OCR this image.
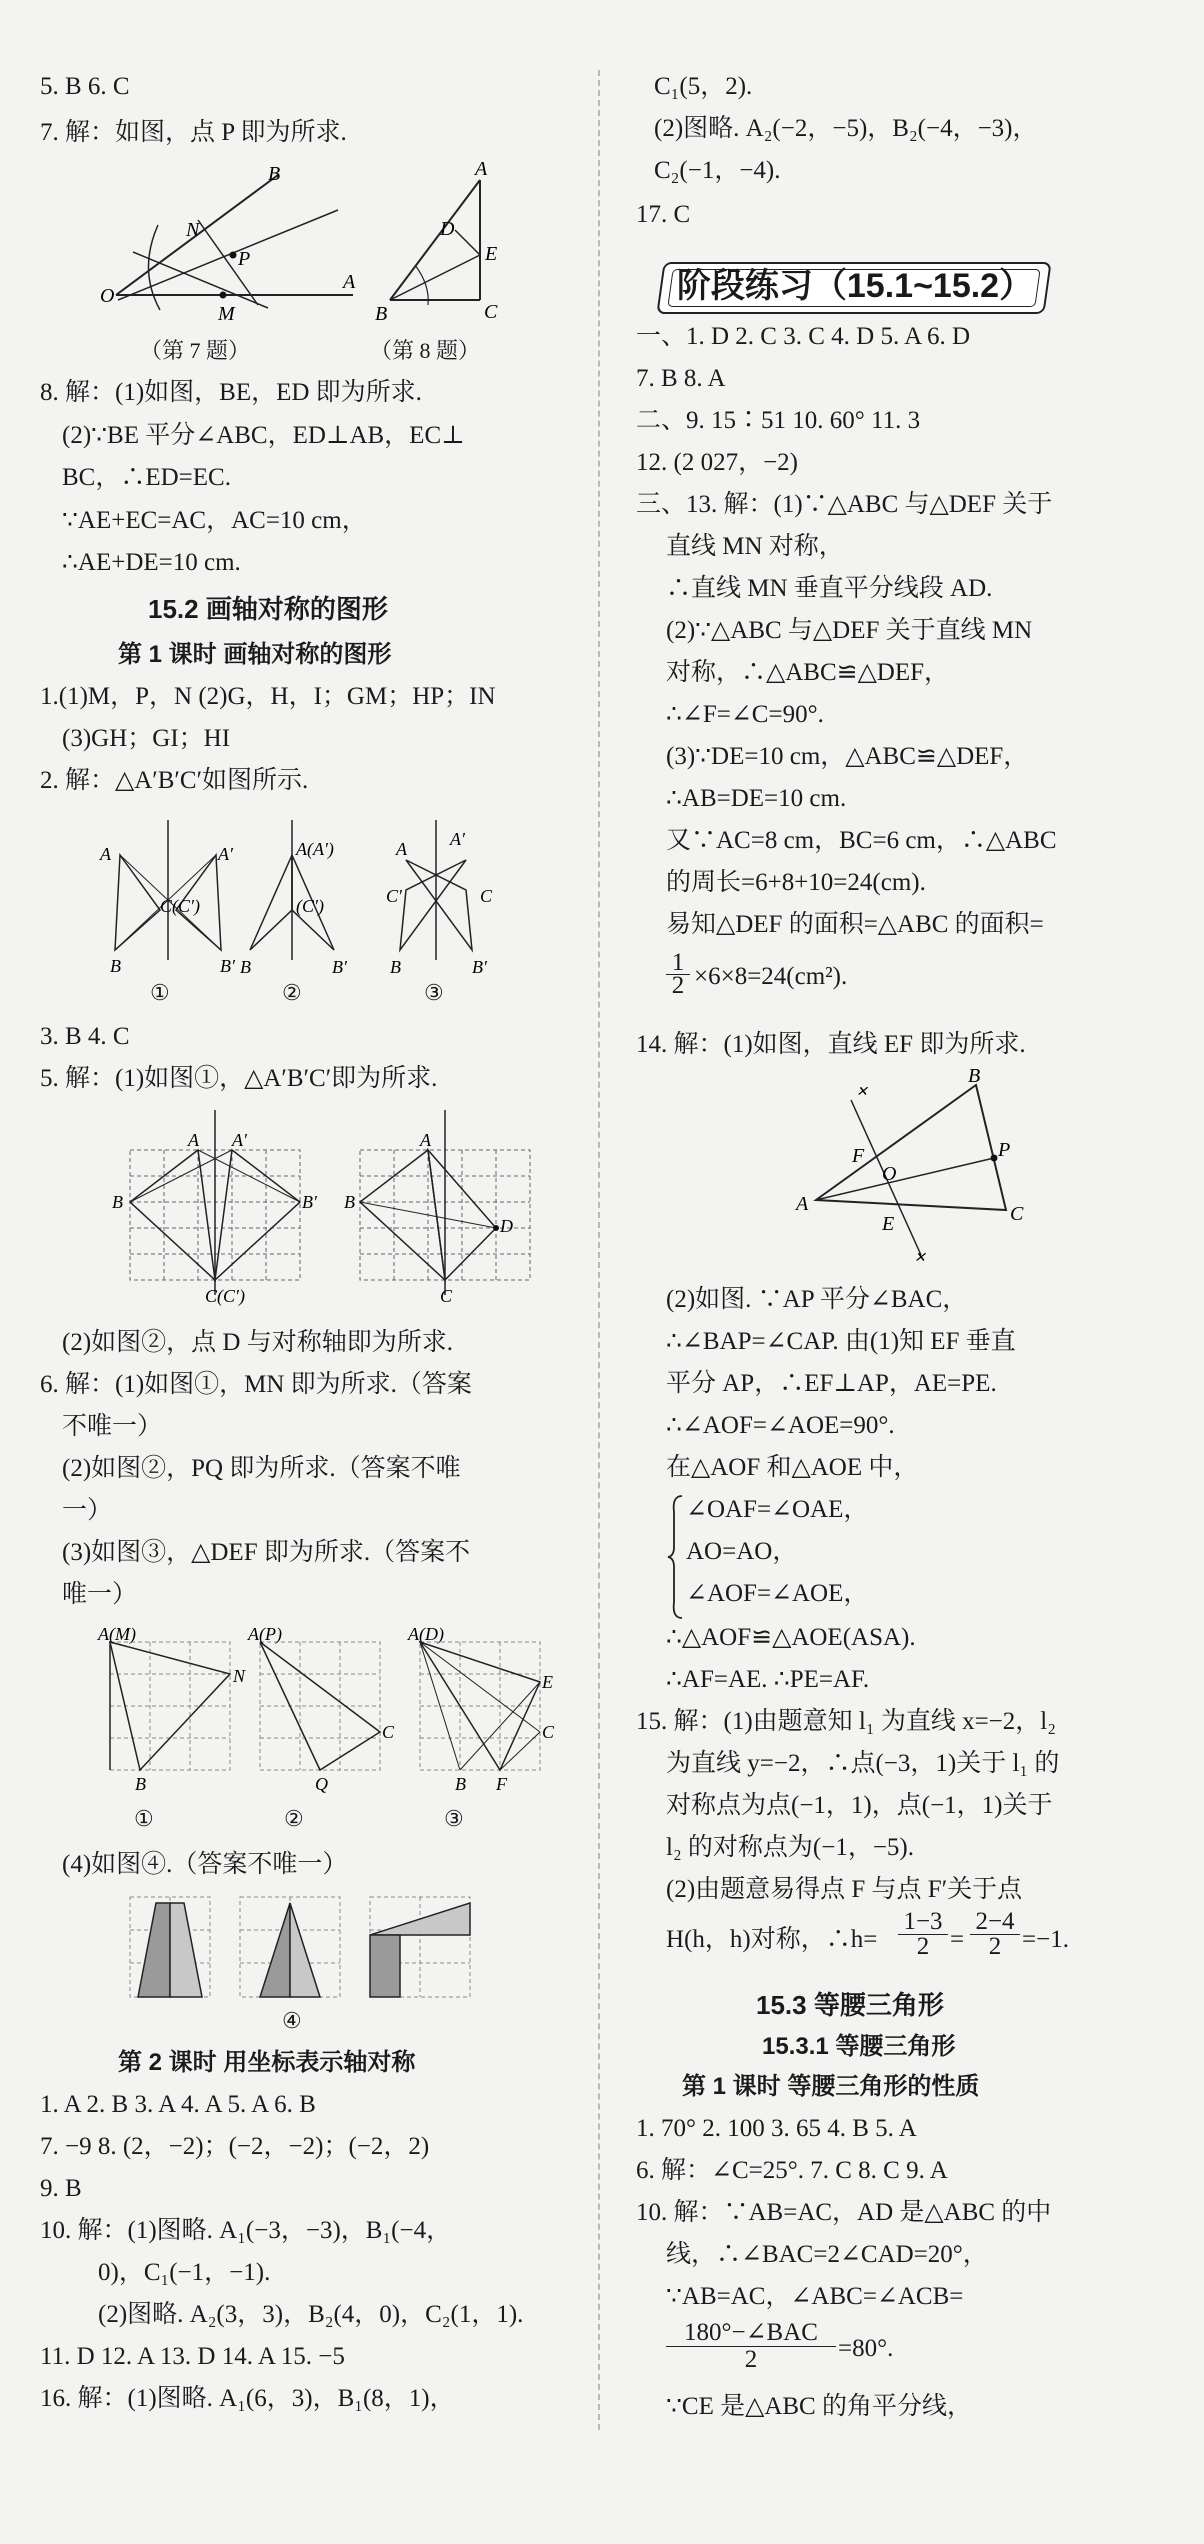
5. B 6. C
7. 解：如图，点 P 即为所求.
O
B
A
N
P
M
A
B	C
D
E
（第 7 题）	（第 8 题）
8. 解：(1)如图，BE，ED 即为所求.
(2)∵BE 平分∠ABC，ED⊥AB，EC⊥
BC，∴ED=EC.
∵AE+EC=AC，AC=10 cm，
∴AE+DE=10 cm.
15.2 画轴对称的图形
第 1 课时 画轴对称的图形
1.(1)M，P，N (2)G，H，I；GM；HP；IN
(3)GH；GI；HI
2. 解：△A′B′C′如图所示.
A	A′
B	B′
C(C′)
A(A′)
(C′)
B	B′
A A′
C′	C
B	B′
①	②	③
3. B 4. C
5. 解：(1)如图①，△A′B′C′即为所求.
A A′
B	B′
C(C′)
A
B
D
C
(2)如图②，点 D 与对称轴即为所求.
6. 解：(1)如图①，MN 即为所求.（答案
不唯一）
(2)如图②，PQ 即为所求.（答案不唯
一）
(3)如图③，△DEF 即为所求.（答案不
唯一）
A(M)
N
B
A(P)
C
Q
A(D)
E
C
B F
①	②	③
(4)如图④.（答案不唯一）
④
第 2 课时 用坐标表示轴对称
1. A 2. B 3. A 4. A 5. A 6. B
7. −9 8. (2，−2)；(−2，−2)；(−2，2)
9. B
10. 解：(1)图略. A₁(−3，−3)，B₁(−4，
0)，C₁(−1，−1).
(2)图略. A₂(3，3)，B₂(4，0)，C₂(1，1).
11. D 12. A 13. D 14. A 15. −5
16. 解：(1)图略. A₁(6，3)，B₁(8，1)，
C₁(5，2).
(2)图略. A₂(−2，−5)，B₂(−4，−3)，
C₂(−1，−4).
17. C
阶段练习（15.1~15.2）
一、1. D 2. C 3. C 4. D 5. A 6. D
7. B 8. A
二、9. 15∶51 10. 60° 11. 3
12. (2 027，−2)
三、13. 解：(1)∵△ABC 与△DEF 关于
直线 MN 对称，
∴直线 MN 垂直平分线段 AD.
(2)∵△ABC 与△DEF 关于直线 MN
对称，∴△ABC≌△DEF，
∴∠F=∠C=90°.
(3)∵DE=10 cm，△ABC≌△DEF，
∴AB=DE=10 cm.
又∵AC=8 cm，BC=6 cm，∴△ABC
的周长=6+8+10=24(cm).
易知△DEF 的面积=△ABC 的面积=
$\frac{1}{2} \times 6\times 8=24(cm^2)$.
14. 解：(1)如图，直线 EF 即为所求.
✕
✕
A
B
C
P
F
O
E
(2)如图. ∵AP 平分∠BAC，
∴∠BAP=∠CAP. 由(1)知 EF 垂直
平分 AP，∴EF⊥AP，AE=PE.
∴∠AOF=∠AOE=90°.
在△AOF 和△AOE 中，
∠OAF=∠OAE，
AO=AO，
∠AOF=∠AOE，
∴△AOF≌△AOE(ASA).
∴AF=AE. ∴PE=AF.
15. 解：(1)由题意知 l₁ 为直线 x=−2，l₂
为直线 y=−2，∴点(−3，1)关于 l₁ 的
对称点为点(−1，1)，点(−1，1)关于
l₂ 的对称点为(−1，−5).
(2)由题意易得点 F 与点 F′关于点
H(h，h)对称，∴h= $\frac{1-3}{2} = \frac{2-4}{2} =-1$.
15.3 等腰三角形
15.3.1 等腰三角形
第 1 课时 等腰三角形的性质
1. 70° 2. 100 3. 65 4. B 5. A
6. 解：∠C=25°. 7. C 8. C 9. A
10. 解：∵AB=AC，AD 是△ABC 的中
线，∴∠BAC=2∠CAD=20°，
∵AB=AC，∠ABC=∠ACB=
180°−∠BAC
2	=80°.
∵CE 是△ABC 的角平分线，
